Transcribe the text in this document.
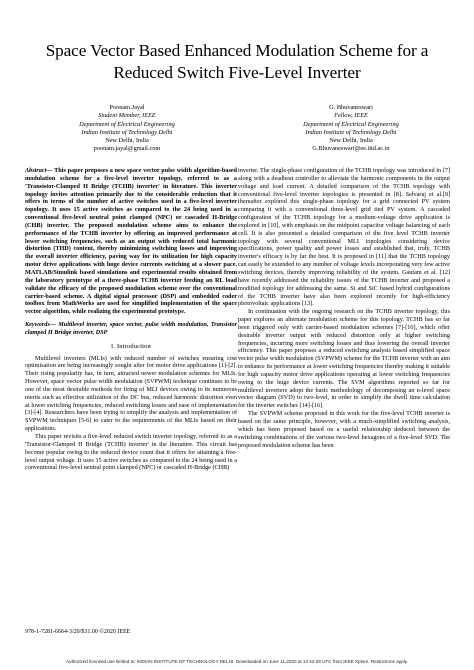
Space Vector Based Enhanced Modulation Scheme for a Reduced Switch Five-Level Inverter
Poonam Jayal
Student Member, IEEE
Department of Electrical Engineering
Indian Institute of Technology Delhi
New Delhi, India
poonam.jayal@gmail.com
G. Bhuvaneswari
Fellow, IEEE
Department of Electrical Engineering
Indian Institute of Technology Delhi
New Delhi, India
G.Bhuvaneswari@ee.iitd.ac.in

Abstract— This paper proposes a new space vector pulse width algorithm-based modulation scheme for a five-level inverter topology, referred to as a 'Transistor-Clamped H Bridge (TCHB) inverter' in literature. This inverter topology invites attention primarily due to the considerable reduction that it offers in terms of the number of active switches used in a five-level inverter topology. It uses 15 active switches as compared to the 24 being used in a conventional five-level neutral point clamped (NPC) or cascaded H-Bridge (CHB) inverter. The proposed modulation scheme aims to enhance the performance of the TCHB inverter by offering an improved performance at lower switching frequencies, such as an output with reduced total harmonic distortion (THD) content, thereby minimizing switching losses and improving the overall inverter efficiency, paving way for its utilization for high capacity motor drive applications with huge device currents switching at a slower pace. MATLAB/Simulink based simulations and experimental results obtained from the laboratory prototype of a three-phase TCHB inverter feeding an RL load validate the efficacy of the proposed modulation scheme over the conventional carrier-based scheme. A digital signal processor (DSP) and embedded coder toolbox from MathWorks are used for simplified implementation of the space vector algorithm, while realizing the experimental prototype.

Keywords— Multilevel inverter, space vector, pulse width modulation, Transistor clamped H Bridge inverter, DSP

I. Introduction

Multilevel inverters (MLIs) with reduced number of switches ensuring cost optimisation are being increasingly sought after for motor drive applications [1]-[2]. Their rising popularity has, in turn, attracted newer modulation schemes for MLIs. However, space vector pulse width modulation (SVPWM) technique continues to be one of the most desirable methods for firing of MLI devices owing to its numerous merits such as effective utilization of the DC bus, reduced harmonic distortion even at lower switching frequencies, reduced switching losses and ease of implementation [3]-[4]. Researchers have been trying to simplify the analysis and implementation of SVPWM techniques [5-6] to cater to the requirements of the MLIs based on their applications.

This paper revisits a five-level reduced switch inverter topology, referred to as a 'Transistor-Clamped H Bridge (TCHB) inverter' in the literature. This circuit has become popular owing to the reduced device count that it offers for attaining a five-level output voltage. It uses 15 active switches as compared to the 24 being used in a conventional five-level neutral point clamped (NPC) or cascaded H-Bridge (CHB)

inverter. The single-phase configuration of the TCHB topology was introduced in [7] along with a deadbeat controller to alleviate the harmonic components in the output voltage and load current. A detailed comparison of the TCHB topology with conventional five-level inverter topologies is presented in [8]. Selvaraj et al.[9] thereafter explored this single-phase topology for a grid connected PV system comparing it with a conventional three-level grid tied PV system. A cascaded configuration of the TCHB topology for a medium-voltage drive application is explored in [10], with emphasis on the midpoint capacitor voltage balancing of each cell. It is also presented a detailed comparison of the five level TCHB inverter topology with several conventional MLI topologies considering device specifications, power quality and power losses and established that, truly, TCHB inverter's efficacy is by far the best. It is proposed in [11] that the TCHB topology can easily be extended to any number of voltage levels incorporating very few active switching devices, thereby improving reliability of the system. Gautam et al. [12] have recently addressed the reliability issues of the TCHB inverter and proposed a modified topology for addressing the same. Si and SiC based hybrid configurations of the TCHB inverter have also been explored recently for high-efficiency photovoltaic applications [13].

In continuation with the ongoing research on the TCHB inverter topology, this paper explores an alternate modulation scheme for this topology. TCHB has so far been triggered only with carrier-based modulation schemes [7]-[10], which offer desirable inverter output with reduced distortion only at higher switching frequencies, incurring more switching losses and thus lowering the overall inverter efficiency. This paper proposes a reduced switching analysis based simplified space vector pulse width modulation (SVPWM) scheme for the TCHB inverter with an aim to enhance its performance at lower switching frequencies thereby making it suitable for high capacity motor drive applications operating at lower switching frequencies owing to the huge device currents. The SVM algorithms reported so far for multilevel inverters adopt the basic methodology of decomposing an n-level space vector diagram (SVD) to two-level, in order to simplify the dwell time calculation for the inverter switches [14]-[16].

The SVPWM scheme proposed in this work for the five-level TCHB inverter is based on the same principle, however, with a much-simplified switching analysis, which has been proposed based on a useful relationship deduced between the switching combinations of the various two-level hexagons of a five-level SVD. The proposed modulation scheme has been

978-1-7281-6664-3/20/$31.00 ©2020 IEEE
Authorized licensed use limited to: INDIAN INSTITUTE OF TECHNOLOGY DELHI. Downloaded on June 11,2020 at 12:42:29 UTC from IEEE Xplore. Restrictions apply.
